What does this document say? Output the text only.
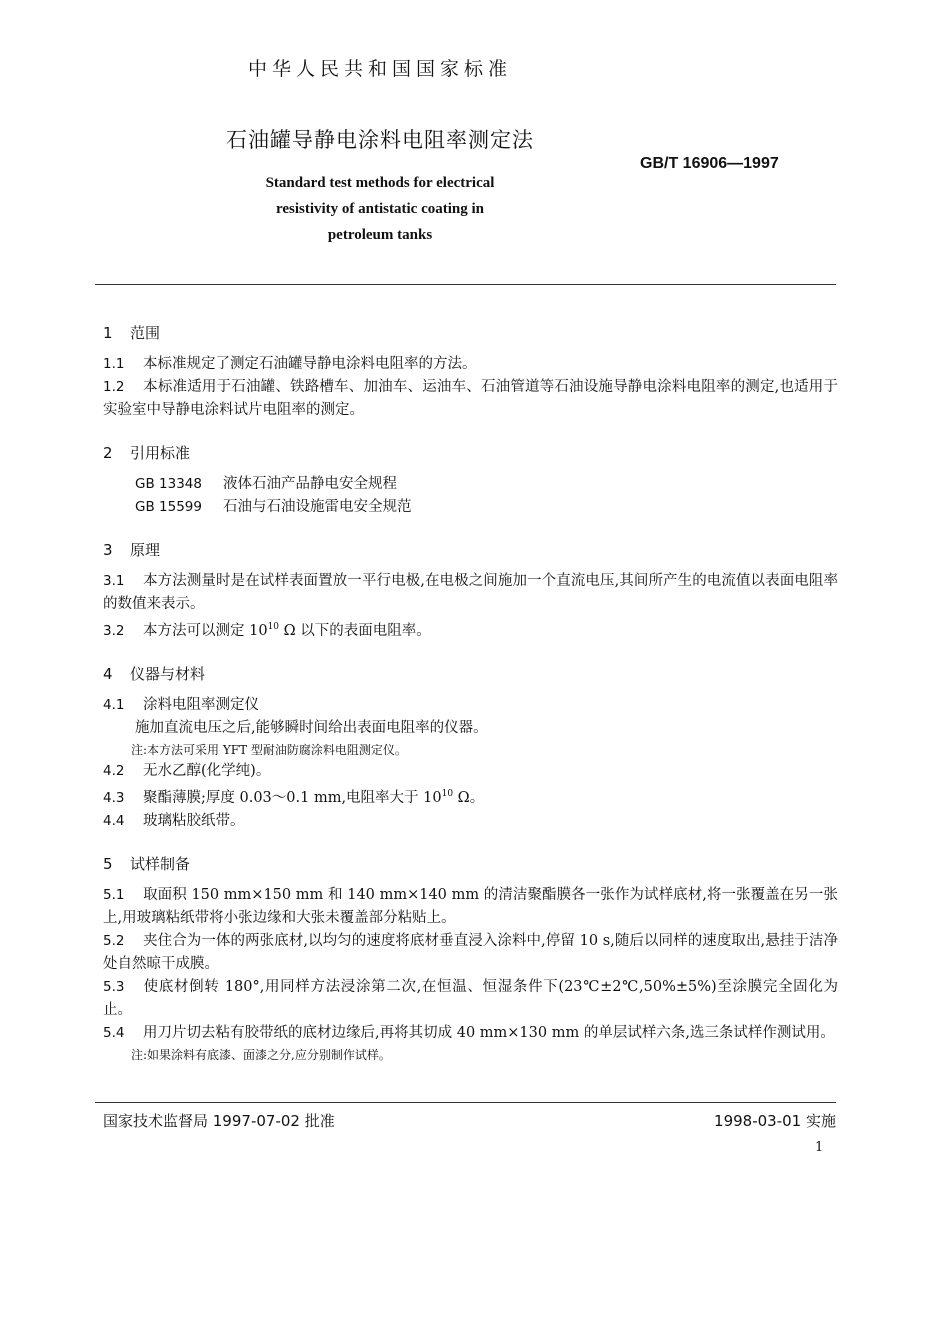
中华人民共和国国家标准
石油罐导静电涂料电阻率测定法
GB/T 16906—1997
Standard test methods for electrical
resistivity of antistatic coating in
petroleum tanks
1 范围
1.1 本标准规定了测定石油罐导静电涂料电阻率的方法。
1.2 本标准适用于石油罐、铁路槽车、加油车、运油车、石油管道等石油设施导静电涂料电阻率的测定,也适用于实验室中导静电涂料试片电阻率的测定。
2 引用标准
GB 13348 液体石油产品静电安全规程
GB 15599 石油与石油设施雷电安全规范
3 原理
3.1 本方法测量时是在试样表面置放一平行电极,在电极之间施加一个直流电压,其间所产生的电流值以表面电阻率的数值来表示。
3.2 本方法可以测定 $10^{10}$ Ω 以下的表面电阻率。
4 仪器与材料
4.1 涂料电阻率测定仪
施加直流电压之后,能够瞬时间给出表面电阻率的仪器。
注:本方法可采用 YFT 型耐油防腐涂料电阻测定仪。
4.2 无水乙醇(化学纯)。
4.3 聚酯薄膜;厚度 0.03～0.1 mm,电阻率大于 $10^{10}$ Ω。
4.4 玻璃粘胶纸带。
5 试样制备
5.1 取面积 150 mm×150 mm 和 140 mm×140 mm 的清洁聚酯膜各一张作为试样底材,将一张覆盖在另一张上,用玻璃粘纸带将小张边缘和大张未覆盖部分粘贴上。
5.2 夹住合为一体的两张底材,以均匀的速度将底材垂直浸入涂料中,停留 10 s,随后以同样的速度取出,悬挂于洁净处自然晾干成膜。
5.3 使底材倒转 180°,用同样方法浸涂第二次,在恒温、恒湿条件下(23℃±2℃,50%±5%)至涂膜完全固化为止。
5.4 用刀片切去粘有胶带纸的底材边缘后,再将其切成 40 mm×130 mm 的单层试样六条,选三条试样作测试用。
注:如果涂料有底漆、面漆之分,应分别制作试样。
国家技术监督局 1997-07-02 批准	1998-03-01 实施
1
